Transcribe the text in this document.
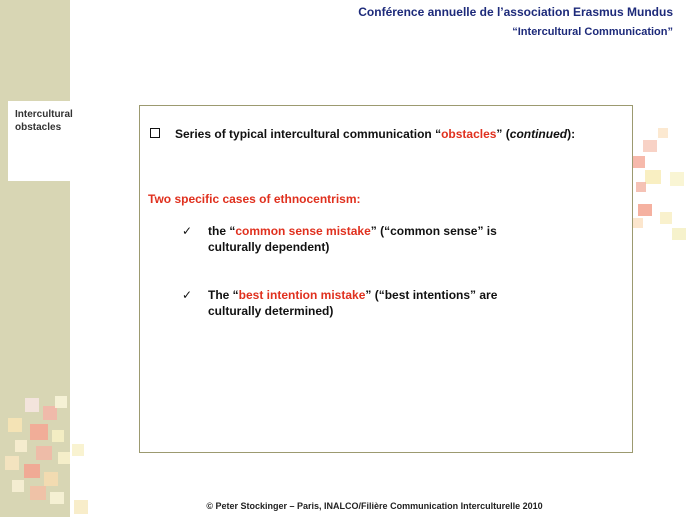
Intercultural obstacles
Conférence annuelle de l’association Erasmus Mundus
“Intercultural Communication”
Series of typical intercultural communication “obstacles” (continued):
Two specific cases of ethnocentrism:
✓ the “common sense mistake” (“common sense” is culturally dependent)
✓ The “best intention mistake” (“best intentions” are culturally determined)
© Peter Stockinger – Paris, INALCO/Filière Communication Interculturelle 2010
